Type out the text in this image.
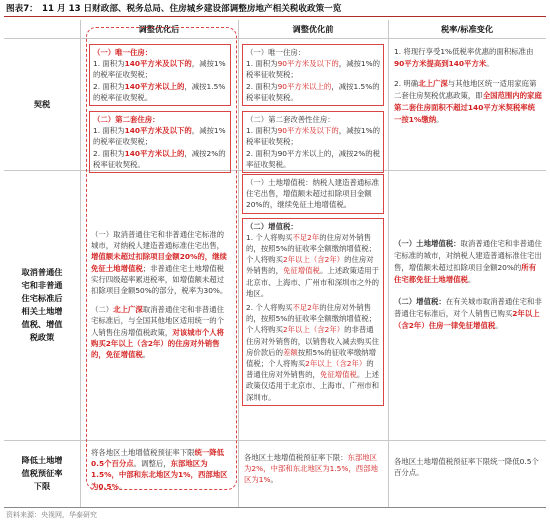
图表7：　11 月 13 日财政部、税务总局、住房城乡建设部调整房地产相关税收政策一览
调整优化后	调整优化前	税率/标准变化
契税

（一）唯一住房：

1. 面积为140平方米及以下的，减按1%的税率征收契税；

2. 面积为140平方米以上的，减按1.5%的税率征收契税。

（二）第二套住房：

1. 面积为140平方米及以下的，减按1%的税率征收契税；

2. 面积为140平方米以上的，减按2%的税率征收契税。

（一）唯一住房：

1. 面积为90平方米及以下的，减按1%的税率征收契税；

2. 面积为90平方米以上的，减按1.5%的税率征收契税。

（二）第二套改善性住房：

1. 面积为90平方米及以下的，减按1%的税率征收契税；

2. 面积为90平方米以上的，减按2%的税率征收契税。

1. 将现行享受1%低税率优惠的面积标准由90平方米提高到140平方米。

2. 明确北上广深与其他地区统一适用家庭第二套住房契税优惠政策，即全国范围内的家庭第二套住房面积不超过140平方米契税率统一按1%缴纳。

取消普通住
宅和非普通
住宅标准后
相关土地增
值税、增值
税政策

（一）取消普通住宅和非普通住宅标准的城市，对纳税人建造普通标准住宅出售，增值额未超过扣除项目金额20%的，继续免征土地增值税；非普通住宅土地增值税实行四级超率累进税率，如增值额未超过扣除项目金额50%的部分，税率为30%。

（二）北上广深取消普通住宅和非普通住宅标准后，与全国其他地区适用统一的个人销售住房增值税政策，对该城市个人将购买2年以上（含2年）的住房对外销售的，免征增值税。

（一）土地增值税：纳税人建造普通标准住宅出售，增值额未超过扣除项目金额20%的，继续免征土地增值税。

（二）增值税：

1. 个人将购买不足2年的住房对外销售的，按照5%的征收率全额缴纳增值税；个人将购买2年以上（含2年）的住房对外销售的，免征增值税。上述政策适用于北京市、上海市、广州市和深圳市之外的地区。

2. 个人将购买不足2年的住房对外销售的，按照5%的征收率全额缴纳增值税；个人将购买2年以上（含2年）的非普通住房对外销售的，以销售收入减去购买住房价款后的差额按照5%的征收率缴纳增值税；个人将购买2年以上（含2年）的普通住房对外销售的，免征增值税。上述政策仅适用于北京市、上海市、广州市和深圳市。

（一）土地增值税：取消普通住宅和非普通住宅标准的城市，对纳税人建造普通标准住宅出售，增值额未超过扣除项目金额20%的所有住宅都免征土地增值税。

（二）增值税：在有关城市取消普通住宅和非普通住宅标准后，对个人销售已购买2年以上（含2年）住房一律免征增值税。

降低土地增
值税预征率
下限

将各地区土地增值税预征率下限统一降低0.5个百分点。调整后，东部地区为1.5%，中部和东北地区为1%，西部地区为0.5%。

各地区土地增值税预征率下限：东部地区为2%，中部和东北地区为1.5%，西部地区为1%。

各地区土地增值税预征率下限统一降低0.5个百分点。

资料来源：央视网，华泰研究
